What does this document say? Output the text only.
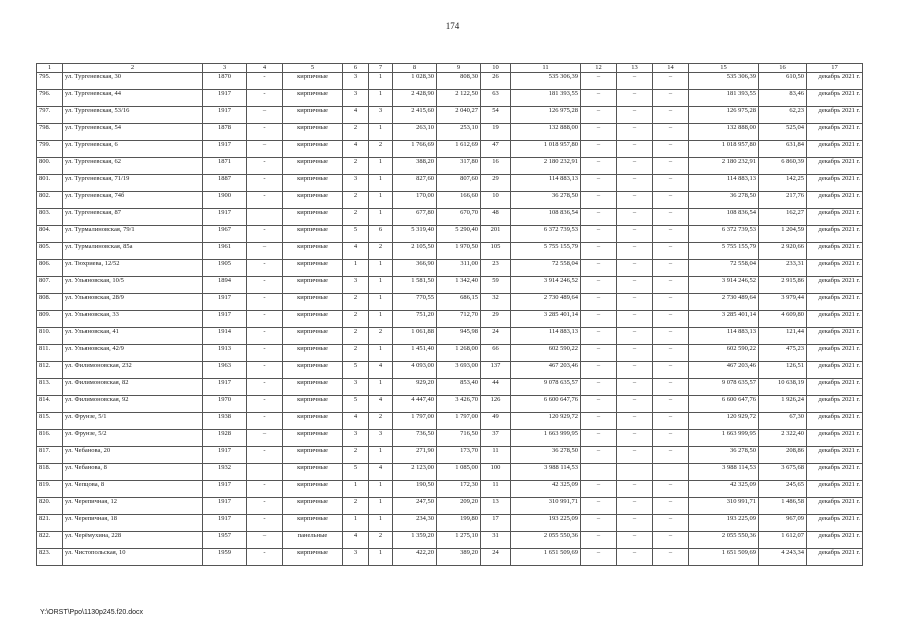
174
1	2	3	4	5	6	7	8	9	10	11	12	13	14	15	16	17
795.	ул. Тургеневская, 30	1870	-	кирпичные	3	1	1 028,30	808,30	26	535 306,39	–	–	–	535 306,39	610,50	декабрь 2021 г.
796.	ул. Тургеневская, 44	1917	-	кирпичные	3	1	2 428,90	2 122,50	63	181 393,55	–	–	–	181 393,55	83,46	декабрь 2021 г.
797.	ул. Тургеневская, 53/16	1917	–	кирпичные	4	3	2 415,60	2 040,27	54	126 975,28	–	–	–	126 975,28	62,23	декабрь 2021 г.
798.	ул. Тургеневская, 54	1878	-	кирпичные	2	1	263,10	253,10	19	132 888,00	–	–	–	132 888,00	525,04	декабрь 2021 г.
799.	ул. Тургеневская, 6	1917	–	кирпичные	4	2	1 766,69	1 612,69	47	1 018 957,80	–	–	–	1 018 957,80	631,84	декабрь 2021 г.
800.	ул. Тургеневская, 62	1871	-	кирпичные	2	1	388,20	317,80	16	2 180 232,91	–	–	–	2 180 232,91	6 860,39	декабрь 2021 г.
801.	ул. Тургеневская, 71/19	1887	-	кирпичные	3	1	827,60	807,60	29	114 883,13	–	–	–	114 883,13	142,25	декабрь 2021 г.
802.	ул. Тургеневская, 74б	1900	-	кирпичные	2	1	170,00	166,60	10	36 278,50	–	–	–	36 278,50	217,76	декабрь 2021 г.
803.	ул. Тургеневская, 87	1917		кирпичные	2	1	677,80	670,70	48	108 836,54	–	–	–	108 836,54	162,27	декабрь 2021 г.
804.	ул. Турмалиновская, 79/1	1967	-	кирпичные	5	6	5 319,40	5 290,40	201	6 372 739,53	–	–	–	6 372 739,53	1 204,59	декабрь 2021 г.
805.	ул. Турмалиновская, 85а	1961	–	кирпичные	4	2	2 105,50	1 970,50	105	5 755 155,79	–	–	–	5 755 155,79	2 920,66	декабрь 2021 г.
806.	ул. Тюхриева, 12/52	1905	-	кирпичные	1	1	366,90	311,00	23	72 558,04	–	–	–	72 558,04	233,31	декабрь 2021 г.
807.	ул. Ульяновская, 10/5	1894	-	кирпичные	3	1	1 581,50	1 342,40	59	3 914 246,52	–	–	–	3 914 246,52	2 915,86	декабрь 2021 г.
808.	ул. Ульяновская, 28/9	1917	-	кирпичные	2	1	770,55	686,15	32	2 730 489,64	–	–	–	2 730 489,64	3 979,44	декабрь 2021 г.
809.	ул. Ульяновская, 33	1917	-	кирпичные	2	1	751,20	712,70	29	3 285 401,14	–	–	–	3 285 401,14	4 609,80	декабрь 2021 г.
810.	ул. Ульяновская, 41	1914	-	кирпичные	2	2	1 061,88	945,98	24	114 883,13	–	–	–	114 883,13	121,44	декабрь 2021 г.
811.	ул. Ульяновская, 42/9	1913	-	кирпичные	2	1	1 451,40	1 268,00	66	602 590,22	–	–	–	602 590,22	475,23	декабрь 2021 г.
812.	ул. Филимоновская, 232	1963	-	кирпичные	5	4	4 093,00	3 693,00	137	467 203,46	–	–	–	467 203,46	126,51	декабрь 2021 г.
813.	ул. Филимоновская, 82	1917	-	кирпичные	3	1	929,20	853,40	44	9 078 635,57	–	–	–	9 078 635,57	10 638,19	декабрь 2021 г.
814.	ул. Филимоновская, 92	1970	-	кирпичные	5	4	4 447,40	3 426,70	126	6 600 647,76	–	–	–	6 600 647,76	1 926,24	декабрь 2021 г.
815.	ул. Фрунзе, 5/1	1938	-	кирпичные	4	2	1 797,00	1 797,00	49	120 929,72	–	–	–	120 929,72	67,30	декабрь 2021 г.
816.	ул. Фрунзе, 5/2	1928	–	кирпичные	3	3	736,50	716,50	37	1 663 999,95	–	–	–	1 663 999,95	2 322,40	декабрь 2021 г.
817.	ул. Чебанова, 20	1917	-	кирпичные	2	1	271,90	173,70	11	36 278,50	–	–	–	36 278,50	208,86	декабрь 2021 г.
818.	ул. Чебанова, 8	1932		кирпичные	5	4	2 123,00	1 085,00	100	3 988 114,53				3 988 114,53	3 675,68	декабрь 2021 г.
819.	ул. Чепцова, 8	1917	-	кирпичные	1	1	190,50	172,30	11	42 325,09	–	–	–	42 325,09	245,65	декабрь 2021 г.
820.	ул. Черепичная, 12	1917	-	кирпичные	2	1	247,50	209,20	13	310 991,71	–	–	–	310 991,71	1 486,58	декабрь 2021 г.
821.	ул. Черепичная, 18	1917	-	кирпичные	1	1	234,30	199,80	17	193 225,09	–	–	–	193 225,09	967,09	декабрь 2021 г.
822.	ул. Черёмухина, 228	1957	–	панельные	4	2	1 359,20	1 275,10	31	2 055 550,36	–	–	–	2 055 550,36	1 612,07	декабрь 2021 г.
823.	ул. Чистопольская, 10	1959	-	кирпичные	3	1	422,20	389,20	24	1 651 509,69	–	–	–	1 651 509,69	4 243,34	декабрь 2021 г.
Y:\ORST\Ppo\1130p245.f20.docx
